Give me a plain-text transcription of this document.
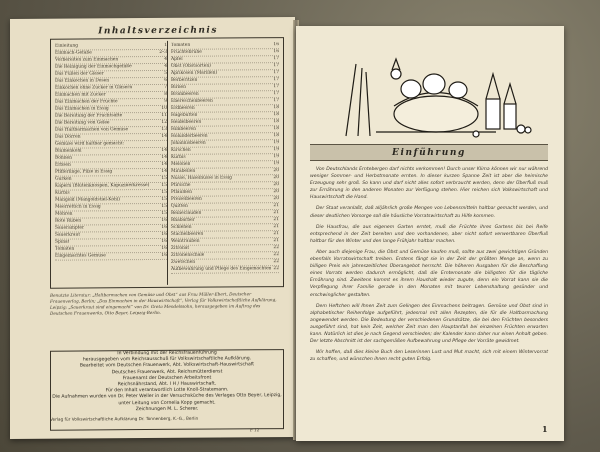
Inhaltsverzeichnis
Einleitung	1
Einmach-Gefäße	2–3
Vorbereiten zum Einmachen	4
Die Reinigung der Einmachgefäße	4
Das Füllen der Gläser	5
Das Einkochen in Dosen	6
Einkochen ohne Zucker in Gläsern	7
Einmachen mit Zucker	8
Das Einmachen der Früchte	9
Das Einmachen in Essig	10
Die Bereitung der Fruchtsäfte	11
Die Bereitung von Gelee	12
Das Haltbarmachen von Gemüse	13
Das Dörren	14
Gemüse wird haltbar gemacht:
Blumenkohl	14
Bohnen	14
Erbsen	14
Pfifferlinge, Pilze in Essig	14
Gurken	15
Kapern (Blütenknospen, Kapuzinerkresse)	15
Kürbis	15
Mangold (Mangoldstiel-Kohl)	15
Meerrettich in Essig	15
Möhren	15
Rote Rüben	16
Sauerampfer	16
Sauerkraut	16
Spinat	16
Tomaten	16
Eingemachtes Gemüse	16
Tomaten	16
Früchtebrühe	16
Äpfel	17
Obst (Obstsorten)	17
Aprikosen (Marillen)	17
Berberitzen	17
Birnen	17
Brombeeren	17
Ebereschenbeeren	17
Erdbeeren	18
Hagebutten	18
Heidelbeeren	18
Himbeeren	18
Holunderbeeren	18
Johannisbeeren	19
Kirschen	19
Kürbis	19
Melonen	19
Mirabellen	20
Nüsse, Haselnüsse in Essig	20
Pfirsiche	20
Pflaumen	20
Preiselbeeren	20
Quitten	21
Reineclauden	21
Rhabarber	21
Schlehen	21
Stachelbeeren	21
Weintrauben	21
Zitronat	22
Zitronenschale	22
Zwetschen	22
Aufbewahrung und Pflege des Eingemachten 22
Benutzte Literatur: „Haltbarmachen von Gemüse und Obst“ aus Frau Müller-Ebert, Deutscher Frauenverlag, Berlin; „Das Einmachen in der Hauswirtschaft“, Verlag für Volkswirtschaftliche Aufklärung, Leipzig; „Sauerkraut sind eingemacht“ von Dr. Greta Mendelssohn, herausgegeben im Auftrag des Deutschen Frauenwerks, Otto Beyer, Leipzig-Berlin.
In Verbindung mit der Reichsfrauenführung
herausgegeben vom Reichsausschuß für Volkswirtschaftliche Aufklärung.
Bearbeitet vom Deutschen Frauenwerk, Abt. Volkswirtschaft-Hauswirtschaft
Deutsches Frauenwerk, Abt. Reichsmütterdienst
Frauenamt der Deutschen Arbeitsfront
Reichsnährstand, Abt. I H / Hauswirtschaft.
Für den Inhalt verantwortlich Lotte Knoll-Stratemann.
Die Aufnahmen wurden von Dr. Peter Weller in der Versuchsküche des Verlages Otto Beyer, Leipzig, unter Leitung von Cornelia Kopp gemacht.
Zeichnungen M. L. Scherer.
Verlag für Volkswirtschaftliche Aufklärung Dr. Tonnenberg, K.-G., Berlin
F 12
Einführung

Von Deutschlands Erntebergen darf nichts verkommen! Durch unser Klima können wir nur während weniger Sommer- und Herbstmonate ernten. In dieser kurzen Spanne Zeit ist aber die heimische Erzeugung sehr groß. So kann und darf nicht alles sofort verbraucht werden, denn der Überfluß muß zur Ernährung in den anderen Monaten zur Verfügung stehen. Hier reichen sich Volkswirtschaft und Hauswirtschaft die Hand.

Der Staat veranlaßt, daß alljährlich große Mengen von Lebensmitteln haltbar gemacht werden, und dieser deutlichen Vorsorge soll die häusliche Vorratswirtschaft zu Hilfe kommen.

Die Hausfrau, die aus eigenem Garten erntet, muß die Früchte ihres Gartens bis bei Reife entsprechend in der Zeit bereiten und den vorhandenen, aber nicht sofort verwertbaren Überfluß haltbar für den Winter und den lange Frühjahr haltbar machen.

Aber auch diejenige Frau, die Obst und Gemüse kaufen muß, sollte aus zwei gewichtigen Gründen ebenfalls Vorratswirtschaft treiben. Erstens fängt sie in der Zeit der größten Menge an, wenn zu billigen Preis ein jahreszeitliches Überangebot herrscht. Die höheren Ausgaben für die Beschaffung eines Vorrats werden dadurch ermöglicht, daß die Erntemonate die billigsten für die tägliche Ernährung sind. Zweitens kommt es ihrem Haushalt wieder zugute, denn ein Vorrat kann sie die Verpflegung ihrer Familie gerade in den Monaten mit teurer Lebenshaltung gesünder und erschwinglicher gestalten.

Dem Heftchen will Ihnen Zeit zum Gelingen des Einmachens beitragen. Gemüse und Obst sind in alphabetischer Reihenfolge aufgeführt, jedesmal mit allen Rezepten, die für die Haltbarmachung angewendet werden. Die Bedeutung der verschiedenen Grundsätze, die bei den Früchten besonders ausgeführt sind, hat kein Zeit, welcher Zeit man den Hauptanfall bei einzelnen Früchten erwarten kann. Natürlich ist dies je nach Gegend verschieden; der Kalender kann daher nur einen Anhalt geben. Der letzte Abschnitt ist der sachgemäßen Aufbewahrung und Pflege der Vorräte gewidmet.

Wir hoffen, daß dies kleine Buch den Leserinnen Lust und Mut macht, sich mit einem Wintervorrat zu schaffen, und wünschen ihnen recht guten Erfolg.

1
